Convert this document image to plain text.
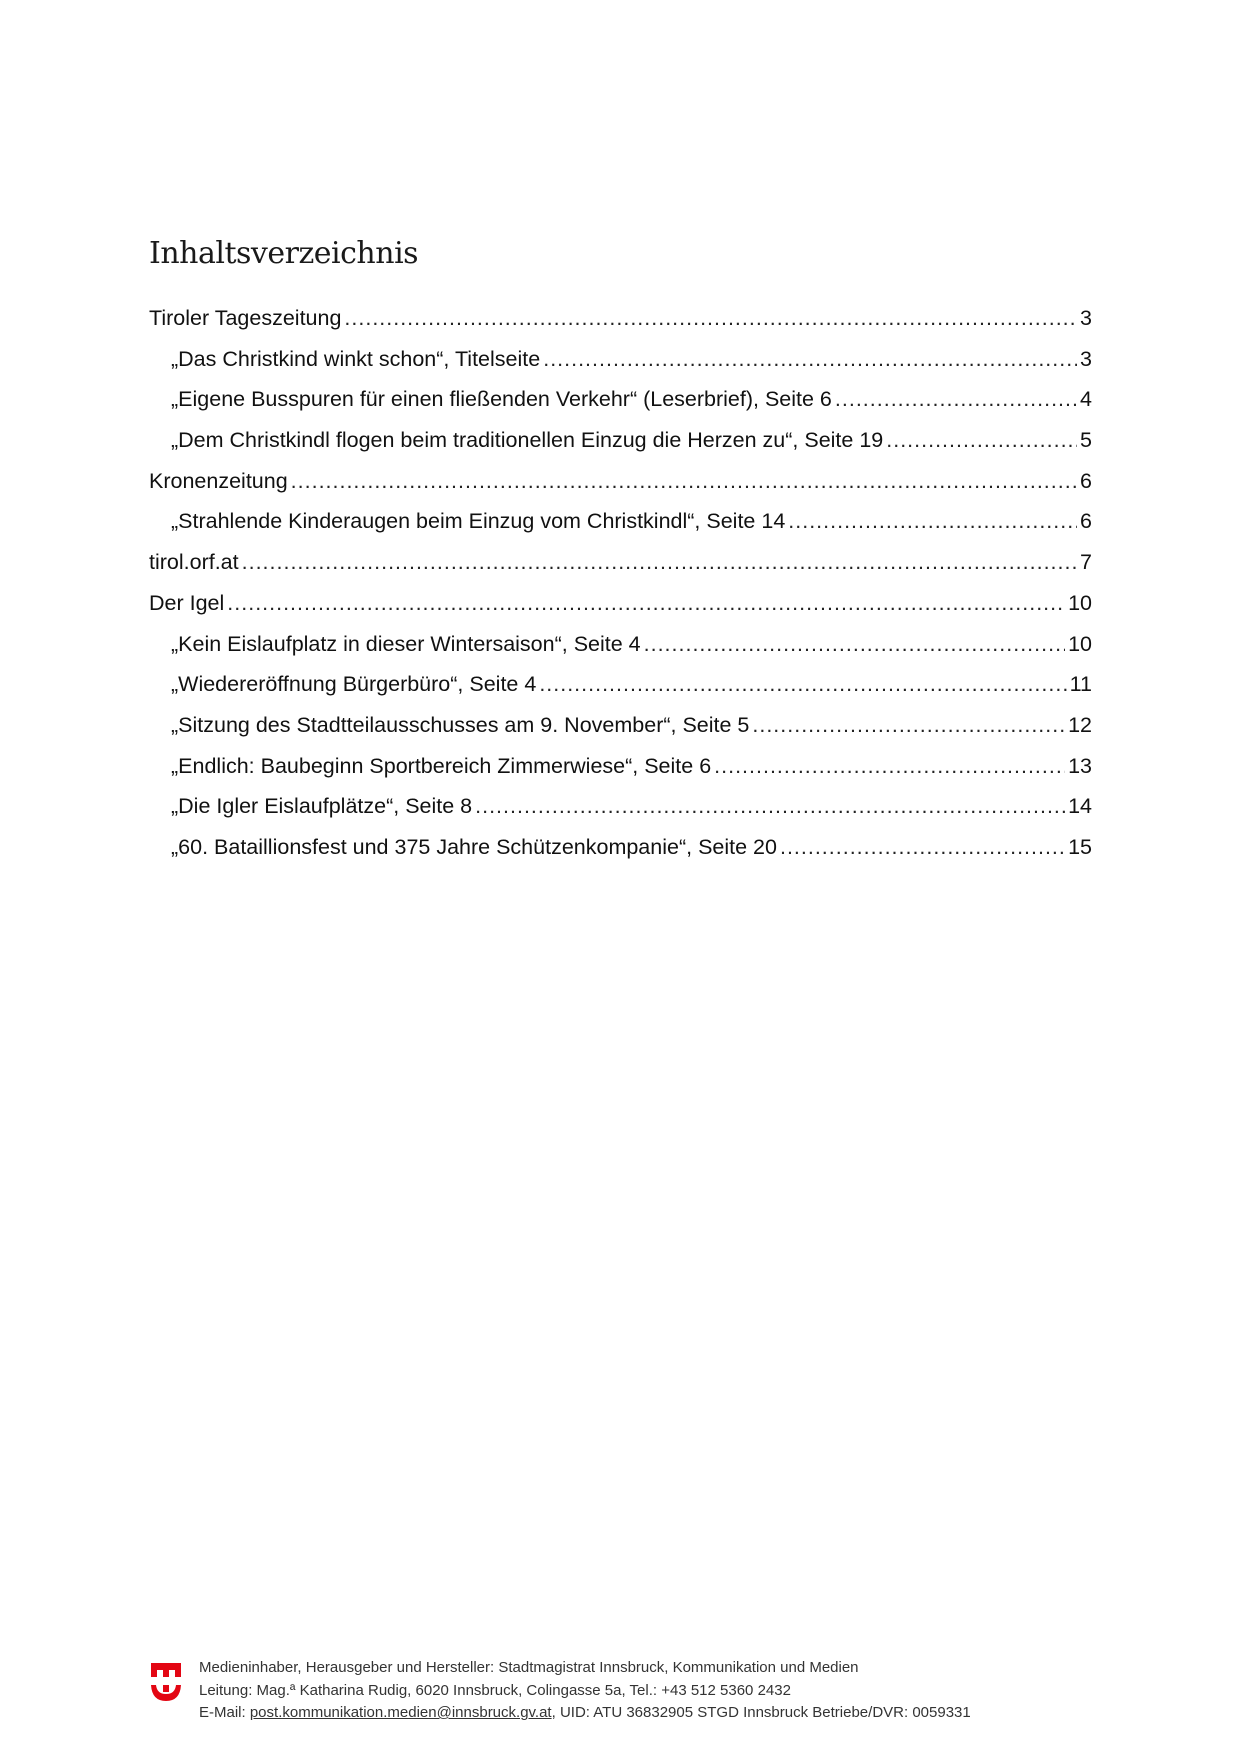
Inhaltsverzeichnis
Tiroler Tageszeitung .....	3
„Das Christkind winkt schon“, Titelseite .....	3
„Eigene Busspuren für einen fließenden Verkehr“ (Leserbrief), Seite 6 .....	4
„Dem Christkindl flogen beim traditionellen Einzug die Herzen zu“, Seite 19 .....	5
Kronenzeitung .....	6
„Strahlende Kinderaugen beim Einzug vom Christkindl“, Seite 14 .....	6
tirol.orf.at .....	7
Der Igel .....	10
„Kein Eislaufplatz in dieser Wintersaison“, Seite 4 .....	10
„Wiedereröffnung Bürgerbüro“, Seite 4 .....	11
„Sitzung des Stadtteilausschusses am 9. November“, Seite 5 .....	12
„Endlich: Baubeginn Sportbereich Zimmerwiese“, Seite 6 .....	13
„Die Igler Eislaufplätze“, Seite 8 .....	14
„60. Bataillionsfest und 375 Jahre Schützenkompanie“, Seite 20 .....	15
Medieninhaber, Herausgeber und Hersteller: Stadtmagistrat Innsbruck, Kommunikation und Medien
Leitung: Mag.ª Katharina Rudig, 6020 Innsbruck, Colingasse 5a, Tel.: +43 512 5360 2432
E-Mail: post.kommunikation.medien@innsbruck.gv.at, UID: ATU 36832905 STGD Innsbruck Betriebe/DVR: 0059331
